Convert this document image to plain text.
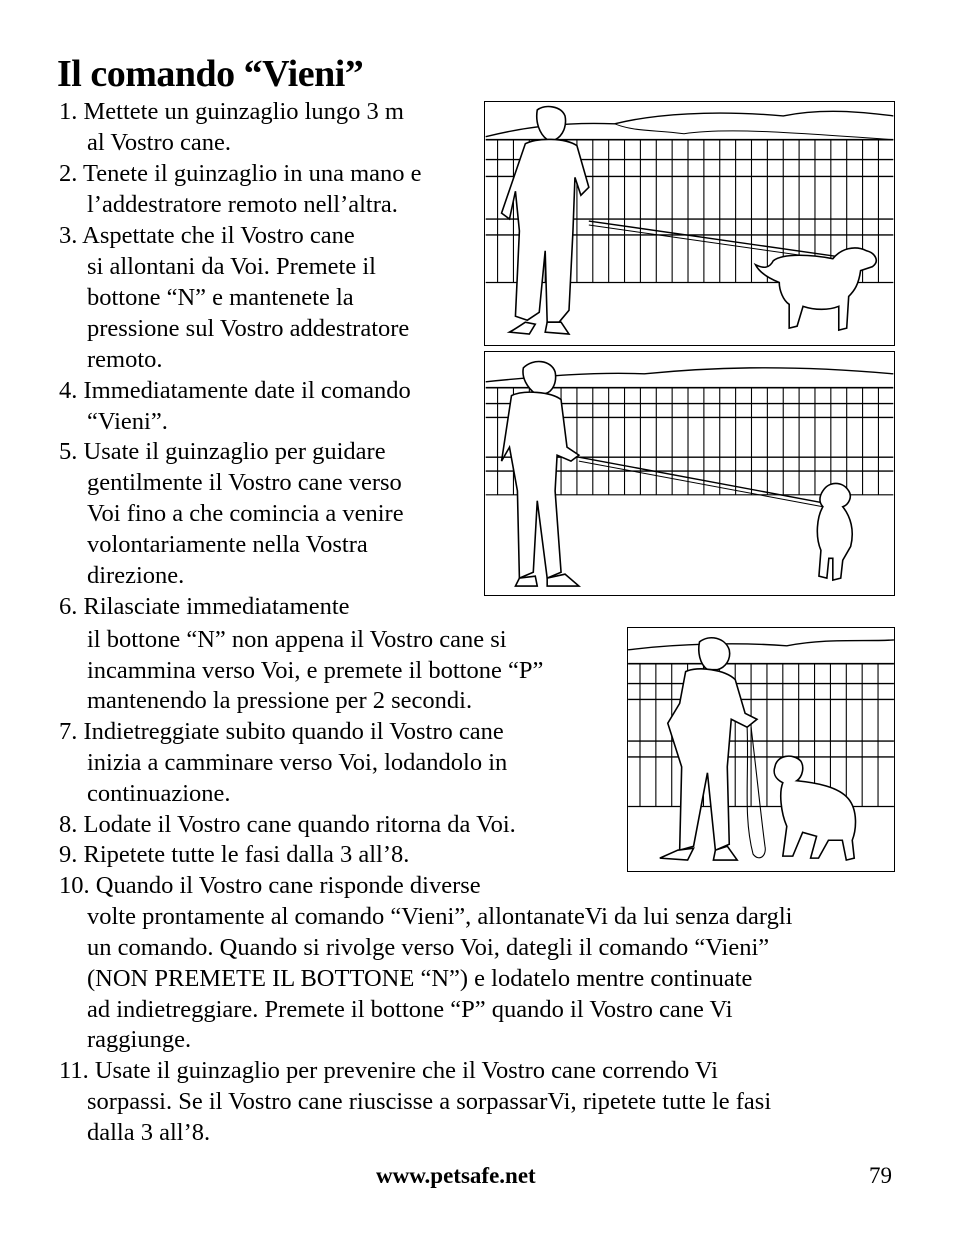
Il comando “Vieni”
1. Mettete un guinzaglio lungo 3 m
al Vostro cane.
2. Tenete il guinzaglio in una mano e
l’addestratore remoto nell’altra.
3. Aspettate che il Vostro cane
si allontani da Voi. Premete il
bottone “N” e mantenete la
pressione sul Vostro addestratore
remoto.
4. Immediatamente date il comando
“Vieni”.
5. Usate il guinzaglio per guidare
gentilmente il Vostro cane verso
Voi fino a che comincia a venire
volontariamente nella Vostra
direzione.
6. Rilasciate immediatamente
il bottone “N” non appena il Vostro cane si
incammina verso Voi, e premete il bottone “P”
mantenendo la pressione per 2 secondi.
7. Indietreggiate subito quando il Vostro cane
inizia a camminare verso Voi, lodandolo in
continuazione.
8. Lodate il Vostro cane quando ritorna da Voi.
9. Ripetete tutte le fasi dalla 3 all’8.
10. Quando il Vostro cane risponde diverse
volte prontamente al comando “Vieni”, allontanateVi da lui senza dargli
un comando. Quando si rivolge verso Voi, dategli il comando “Vieni”
(NON PREMETE IL BOTTONE “N”) e lodatelo mentre continuate
ad indietreggiare. Premete il bottone “P” quando il Vostro cane Vi
raggiunge.
11. Usate il guinzaglio per prevenire che il Vostro cane correndo Vi
sorpassi. Se il Vostro cane riuscisse a sorpassarVi, ripetete tutte le fasi
dalla 3 all’8.
www.petsafe.net	79
